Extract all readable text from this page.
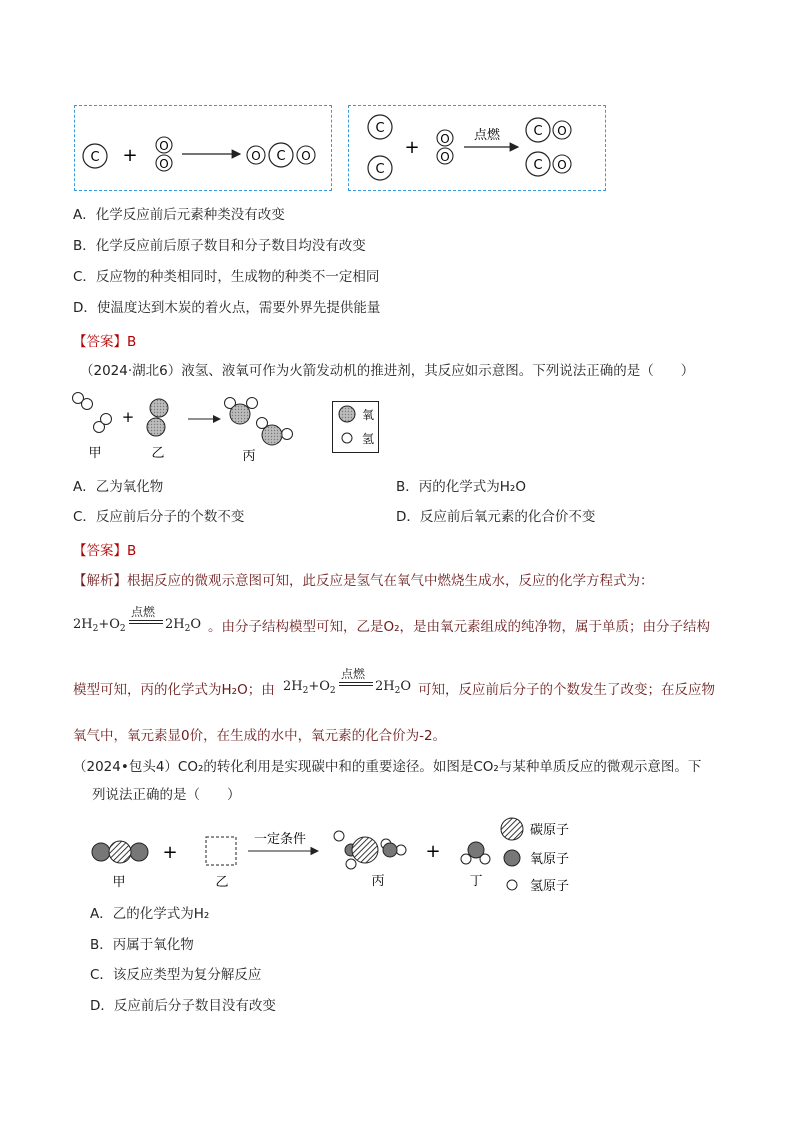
C + O
O
O	O
C
C
C
+ O
O
点燃	O
C
O
C
A．化学反应前后元素种类没有改变
B．化学反应前后原子数目和分子数目均没有改变
C．反应物的种类相同时，生成物的种类不一定相同
D．使温度达到木炭的着火点，需要外界先提供能量
【答案】B
（2024·湖北6）液氢、液氧可作为火箭发动机的推进剂，其反应如示意图。下列说法正确的是（　　）
+
甲	乙	丙
氧
氢
A．乙为氧化物	B．丙的化学式为H₂O
C．反应前后分子的个数不变	D．反应前后氧元素的化合价不变
【答案】B
【解析】根据反应的微观示意图可知，此反应是氢气在氧气中燃烧生成水，反应的化学方程式为：
$2H_2+O_2$
点燃
$2H_2O$ 。由分子结构模型可知，乙是O₂，是由氧元素组成的纯净物，属于单质；由分子结构
模型可知，丙的化学式为H₂O；由 $2H_2+O_2$
点燃
$2H_2O$ 可知，反应前后分子的个数发生了改变；在反应物
氧气中，氧元素显0价，在生成的水中，氧元素的化合价为-2。
（2024•包头4）CO₂的转化利用是实现碳中和的重要途径。如图是CO₂与某种单质反应的微观示意图。下
列说法正确的是（　　）
+
一定条件
+
甲	乙	丙	丁
碳原子
氧原子
氢原子
A．乙的化学式为H₂
B．丙属于氧化物
C．该反应类型为复分解反应
D．反应前后分子数目没有改变
